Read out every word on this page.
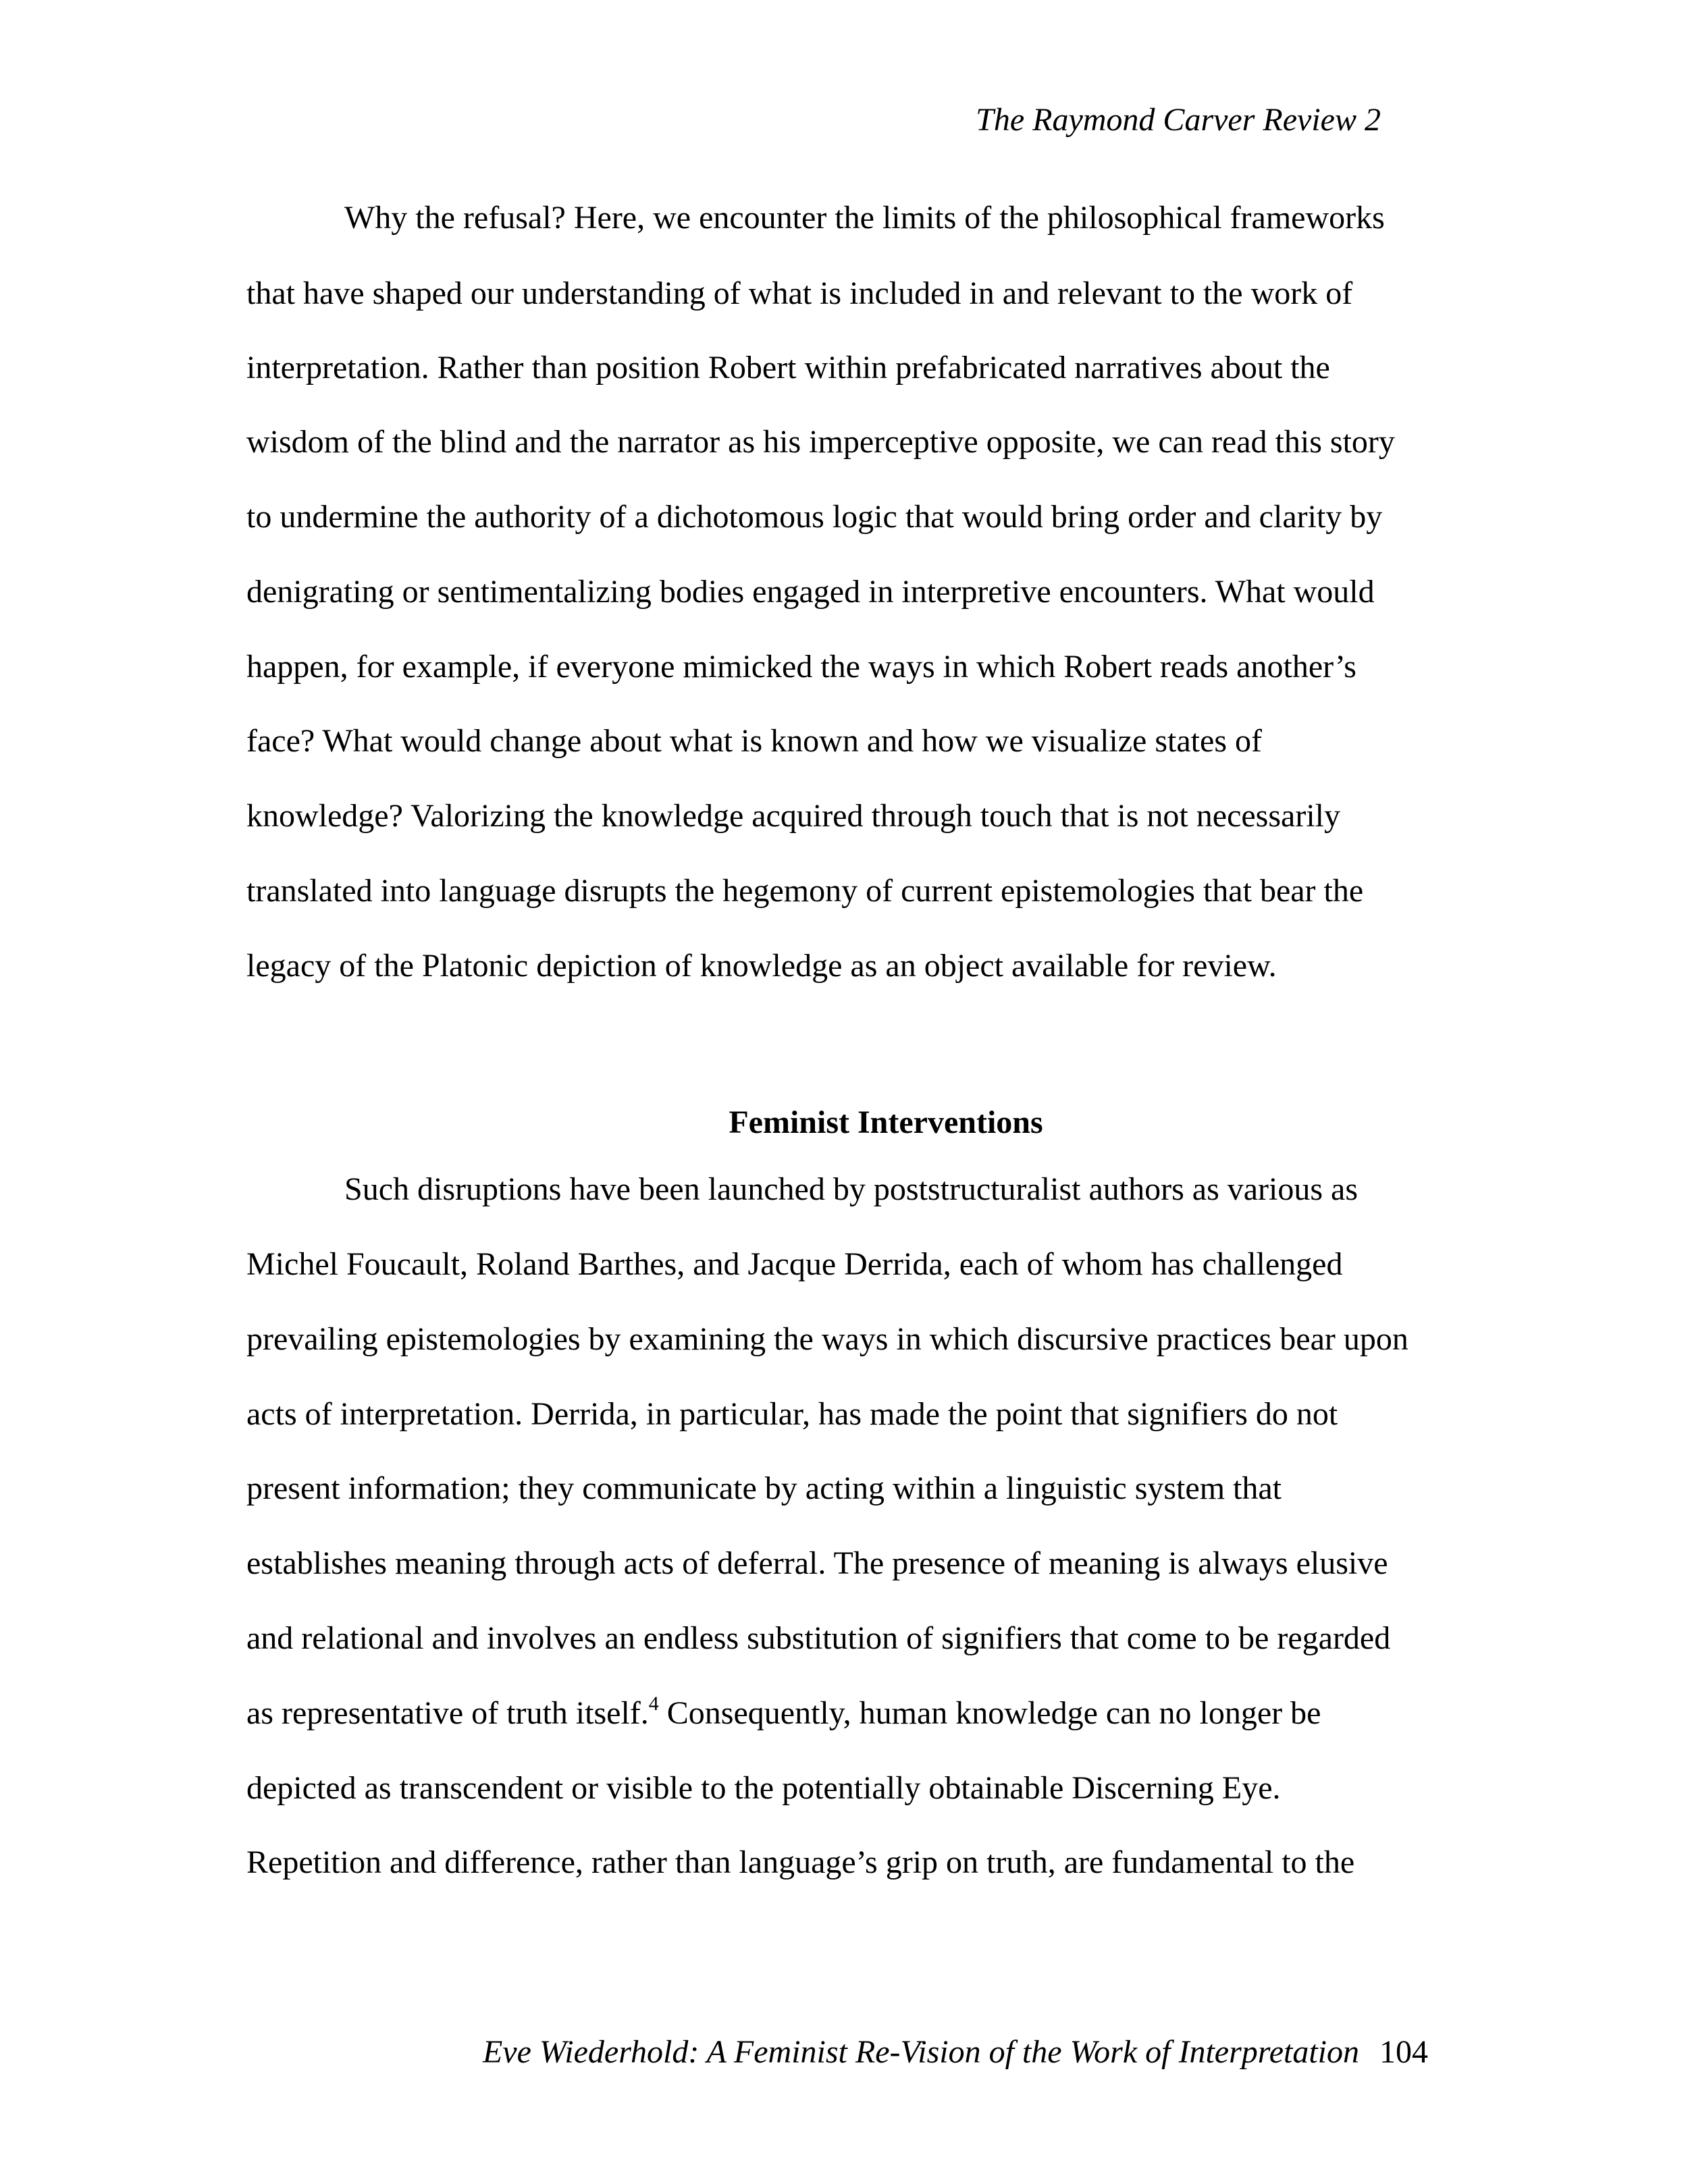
The Raymond Carver Review 2
Why the refusal? Here, we encounter the limits of the philosophical frameworks
that have shaped our understanding of what is included in and relevant to the work of
interpretation. Rather than position Robert within prefabricated narratives about the
wisdom of the blind and the narrator as his imperceptive opposite, we can read this story
to undermine the authority of a dichotomous logic that would bring order and clarity by
denigrating or sentimentalizing bodies engaged in interpretive encounters. What would
happen, for example, if everyone mimicked the ways in which Robert reads another’s
face? What would change about what is known and how we visualize states of
knowledge? Valorizing the knowledge acquired through touch that is not necessarily
translated into language disrupts the hegemony of current epistemologies that bear the
legacy of the Platonic depiction of knowledge as an object available for review.
Feminist Interventions
Such disruptions have been launched by poststructuralist authors as various as
Michel Foucault, Roland Barthes, and Jacque Derrida, each of whom has challenged
prevailing epistemologies by examining the ways in which discursive practices bear upon
acts of interpretation. Derrida, in particular, has made the point that signifiers do not
present information; they communicate by acting within a linguistic system that
establishes meaning through acts of deferral. The presence of meaning is always elusive
and relational and involves an endless substitution of signifiers that come to be regarded
as representative of truth itself.$^4$ Consequently, human knowledge can no longer be
depicted as transcendent or visible to the potentially obtainable Discerning Eye.
Repetition and difference, rather than language’s grip on truth, are fundamental to the
Eve Wiederhold: A Feminist Re-Vision of the Work of Interpretation 104
